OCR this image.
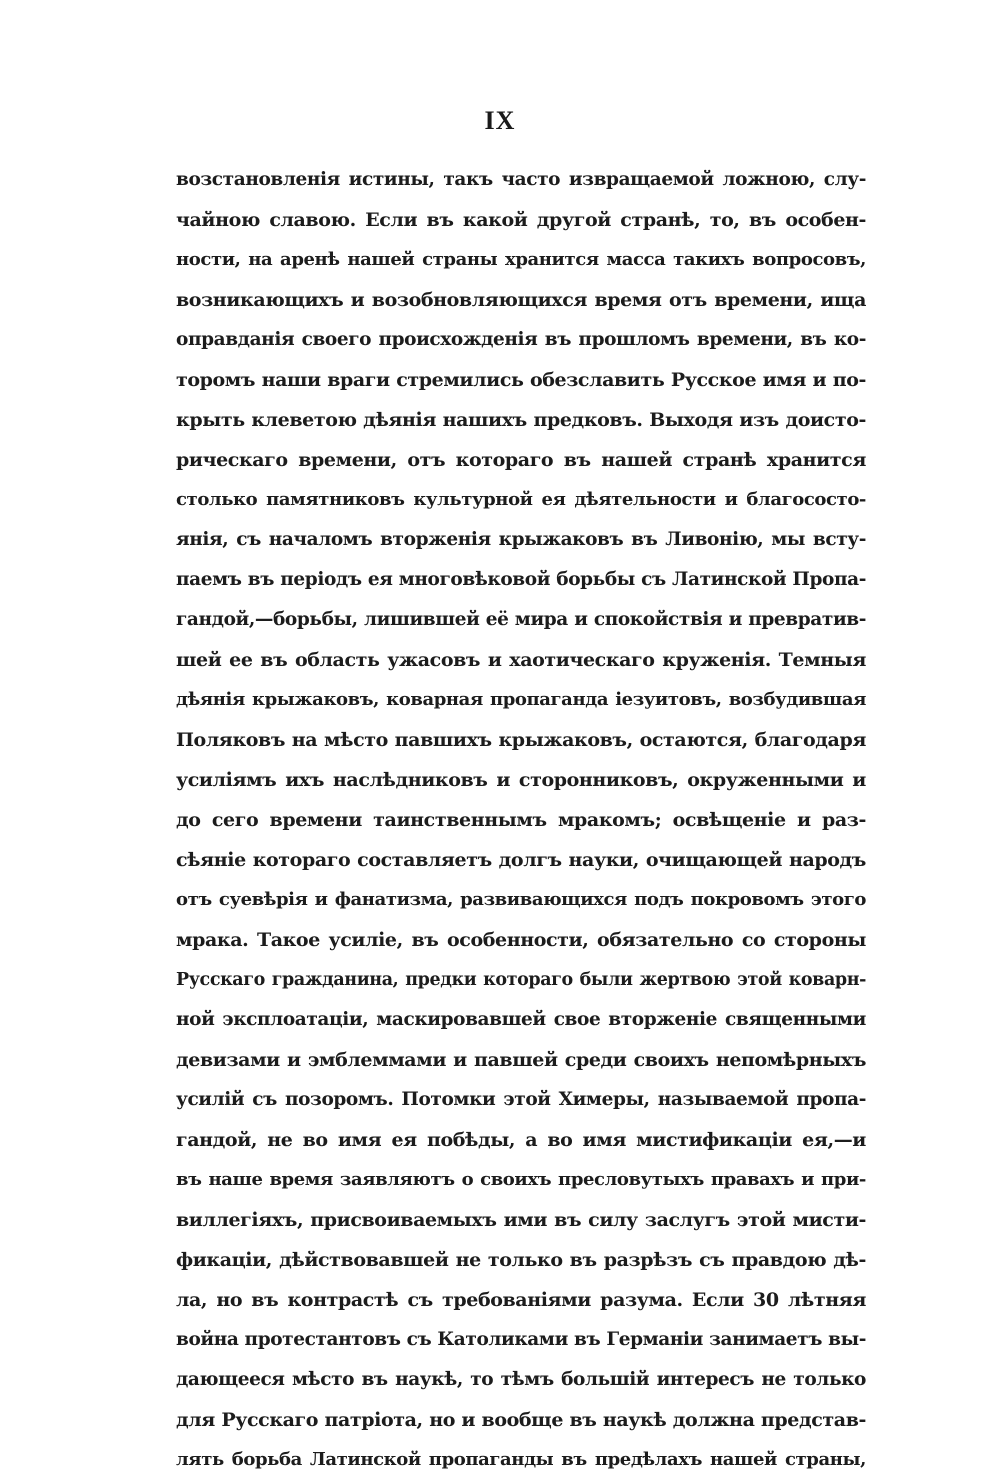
IX
возстановленія истины, такъ часто извращаемой ложною, слу-
чайною славою. Если въ какой другой странѣ, то, въ особен-
ности, на аренѣ нашей страны хранится масса такихъ вопросовъ,
возникающихъ и возобновляющихся время отъ времени, ища
оправданія своего происхожденія въ прошломъ времени, въ ко-
торомъ наши враги стремились обезславить Русское имя и по-
крыть клеветою дѣянія нашихъ предковъ. Выходя изъ доисто-
рическаго времени, отъ котораго въ нашей странѣ хранится
столько памятниковъ культурной ея дѣятельности и благососто-
янія, съ началомъ вторженія крыжаковъ въ Ливонію, мы всту-
паемъ въ періодъ ея многовѣковой борьбы съ Латинской Пропа-
гандой,—борьбы, лишившей её мира и спокойствія и превратив-
шей ее въ область ужасовъ и хаотическаго круженія. Темныя
дѣянія крыжаковъ, коварная пропаганда іезуитовъ, возбудившая
Поляковъ на мѣсто павшихъ крыжаковъ, остаются, благодаря
усиліямъ ихъ наслѣдниковъ и сторонниковъ, окруженными и
до сего времени таинственнымъ мракомъ; освѣщеніе и раз-
сѣяніе котораго составляетъ долгъ науки, очищающей народъ
отъ суевѣрія и фанатизма, развивающихся подъ покровомъ этого
мрака. Такое усиліе, въ особенности, обязательно со стороны
Русскаго гражданина, предки котораго были жертвою этой коварн-
ной эксплоатаціи, маскировавшей свое вторженіе священными
девизами и эмблеммами и павшей среди своихъ непомѣрныхъ
усилій съ позоромъ. Потомки этой Химеры, называемой пропа-
гандой, не во имя ея побѣды, а во имя мистификаціи ея,—и
въ наше время заявляютъ о своихъ пресловутыхъ правахъ и при-
виллегіяхъ, присвоиваемыхъ ими въ силу заслугъ этой мисти-
фикаціи, дѣйствовавшей не только въ разрѣзъ съ правдою дѣ-
ла, но въ контрастѣ съ требованіями разума. Если 30 лѣтняя
война протестантовъ съ Католиками въ Германіи занимаетъ вы-
дающееся мѣсто въ наукѣ, то тѣмъ большій интересъ не только
для Русскаго патріота, но и вообще въ наукѣ должна представ-
лять борьба Латинской пропаганды въ предѣлахъ нашей страны,
